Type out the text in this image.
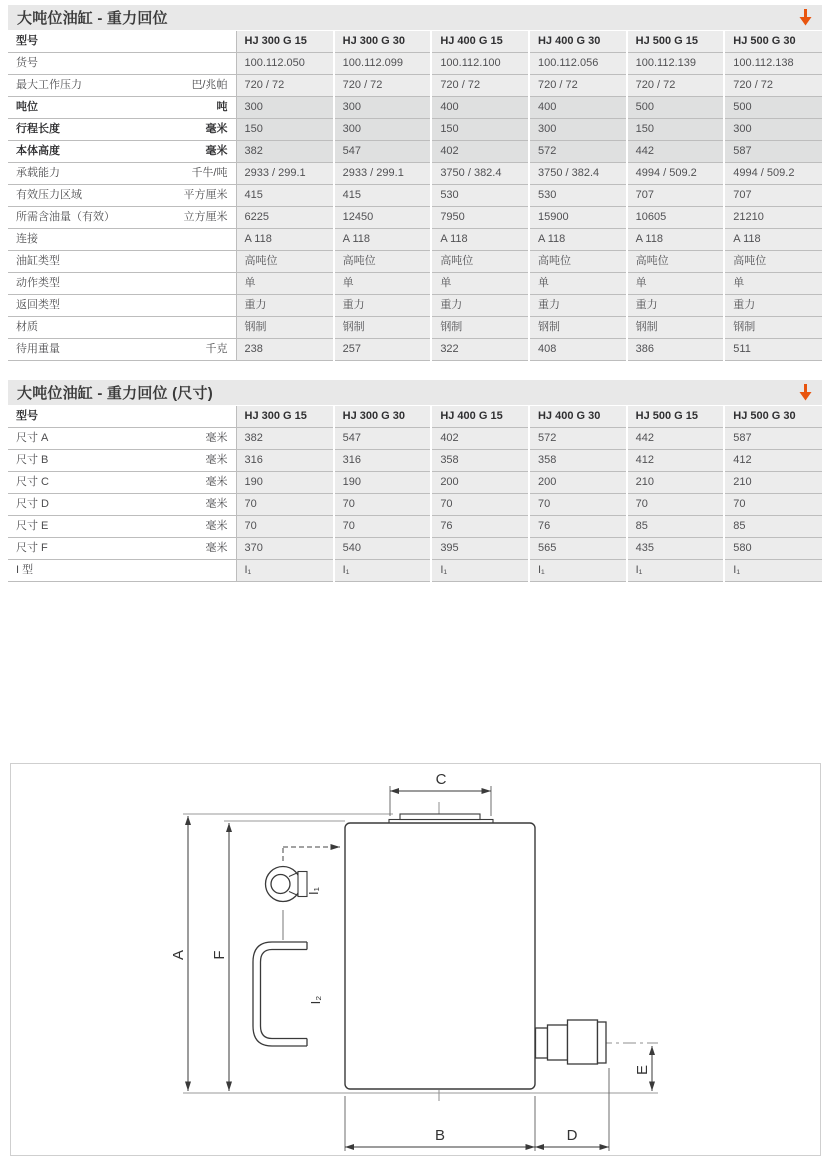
大吨位油缸 - 重力回位
型号	HJ 300 G 15	HJ 300 G 30	HJ 400 G 15	HJ 400 G 30	HJ 500 G 15	HJ 500 G 30
货号	100.112.050	100.112.099	100.112.100	100.112.056	100.112.139	100.112.138
最大工作压力 巴/兆帕	720 / 72	720 / 72	720 / 72	720 / 72	720 / 72	720 / 72
吨位 吨	300	300	400	400	500	500
行程长度 毫米	150	300	150	300	150	300
本体高度 毫米	382	547	402	572	442	587
承载能力 千牛/吨	2933 / 299.1	2933 / 299.1	3750 / 382.4	3750 / 382.4	4994 / 509.2	4994 / 509.2
有效压力区域 平方厘米	415	415	530	530	707	707
所需含油量（有效） 立方厘米	6225	12450	7950	15900	10605	21210
连接	A 118	A 118	A 118	A 118	A 118	A 118
油缸类型	高吨位	高吨位	高吨位	高吨位	高吨位	高吨位
动作类型	单	单	单	单	单	单
返回类型	重力	重力	重力	重力	重力	重力
材质	钢制	钢制	钢制	钢制	钢制	钢制
待用重量 千克	238	257	322	408	386	511
大吨位油缸 - 重力回位 (尺寸)
型号	HJ 300 G 15	HJ 300 G 30	HJ 400 G 15	HJ 400 G 30	HJ 500 G 15	HJ 500 G 30
尺寸 A 毫米	382	547	402	572	442	587
尺寸 B 毫米	316	316	358	358	412	412
尺寸 C 毫米	190	190	200	200	210	210
尺寸 D 毫米	70	70	70	70	70	70
尺寸 E 毫米	70	70	76	76	85	85
尺寸 F 毫米	370	540	395	565	435	580
I 型	I₁	I₁	I₁	I₁	I₁	I₁
C
A F
E
B	D
I₁
I₂
